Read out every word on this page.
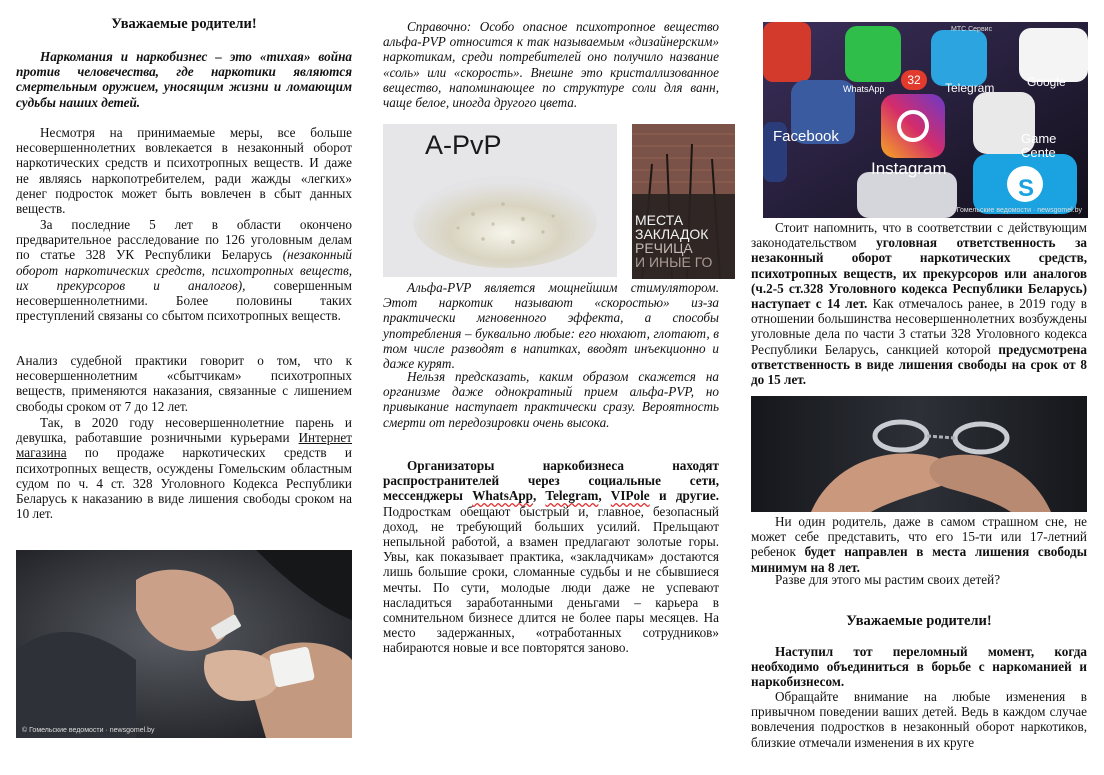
Уважаемые родители!

Наркомания и наркобизнес – это «тихая» война против человечества, где наркотики являются смертельным оружием, уносящим жизни и ломающим судьбы наших детей.

Несмотря на принимаемые меры, все больше несовершеннолетних вовлекается в незаконный оборот наркотических средств и психотропных веществ. И даже не являясь наркопотребителем, ради жажды «легких» денег подросток может быть вовлечен в сбыт данных веществ.

За последние 5 лет в области окончено предварительное расследование по 126 уголовным делам по статье 328 УК Республики Беларусь (незаконный оборот наркотических средств, психотропных веществ, их прекурсоров и аналогов), совершенным несовершеннолетними. Более половины таких преступлений связаны со сбытом психотропных веществ.

Анализ судебной практики говорит о том, что к несовершеннолетним «сбытчикам» психотропных веществ, применяются наказания, связанные с лишением свободы сроком от 7 до 12 лет.

Так, в 2020 году несовершеннолетние парень и девушка, работавшие розничными курьерами Интернет магазина по продаже наркотических средств и психотропных веществ, осуждены Гомельским областным судом по ч. 4 ст. 328 Уголовного Кодекса Республики Беларусь к наказанию в виде лишения свободы сроком на 10 лет.

© Гомельские ведомости · newsgomel.by

Справочно: Особо опасное психотропное вещество альфа-PVP относится к так называемым «дизайнерским» наркотикам, среди потребителей оно получило название «соль» или «скорость». Внешне это кристаллизованное вещество, напоминающее по структуре соли для ванн, чаще белое, иногда другого цвета.

A-PvP
МЕСТА
ЗАКЛАДОК
РЕЧИЦА
И ИНЫЕ ГО

Альфа-PVP является мощнейшим стимулятором. Этот наркотик называют «скоростью» из-за практически мгновенного эффекта, а способы употребления – буквально любые: его нюхают, глотают, в том числе разводят в напитках, вводят инъекционно и даже курят.

Нельзя предсказать, каким образом скажется на организме даже однократный прием альфа-PVP, но привыкание наступает практически сразу. Вероятность смерти от передозировки очень высока.

Организаторы наркобизнеса находят распространителей через социальные сети, мессенджеры WhatsApp, Telegram, VIPole и другие. Подросткам обещают быстрый и, главное, безопасный доход, не требующий больших усилий. Прельщают непыльной работой, а взамен предлагают золотые горы. Увы, как показывает практика, «закладчикам» достаются лишь большие сроки, сломанные судьбы и не сбывшиеся мечты. По сути, молодые люди даже не успевают насладиться заработанными деньгами – карьера в сомнительном бизнесе длится не более пары месяцев. На место задержанных, «отработанных сотрудников» набираются новые и все повторятся заново.

МТС Сервис
WhatsApp	Telegram	Google
32
Facebook
Instagram
Game Cente
S
© Гомельские ведомости · newsgomel.by

Стоит напомнить, что в соответствии с действующим законодательством уголовная ответственность за незаконный оборот наркотических средств, психотропных веществ, их прекурсоров или аналогов (ч.2-5 ст.328 Уголовного кодекса Республики Беларусь) наступает с 14 лет. Как отмечалось ранее, в 2019 году в отношении большинства несовершеннолетних возбуждены уголовные дела по части 3 статьи 328 Уголовного кодекса Республики Беларусь, санкцией которой предусмотрена ответственность в виде лишения свободы на срок от 8 до 15 лет.

Ни один родитель, даже в самом страшном сне, не может себе представить, что его 15-ти или 17-летний ребенок будет направлен в места лишения свободы минимум на 8 лет.

Разве для этого мы растим своих детей?

Уважаемые родители!

Наступил тот переломный момент, когда необходимо объединиться в борьбе с наркоманией и наркобизнесом.

Обращайте внимание на любые изменения в привычном поведении ваших детей. Ведь в каждом случае вовлечения подростков в незаконный оборот наркотиков, близкие отмечали изменения в их круге
